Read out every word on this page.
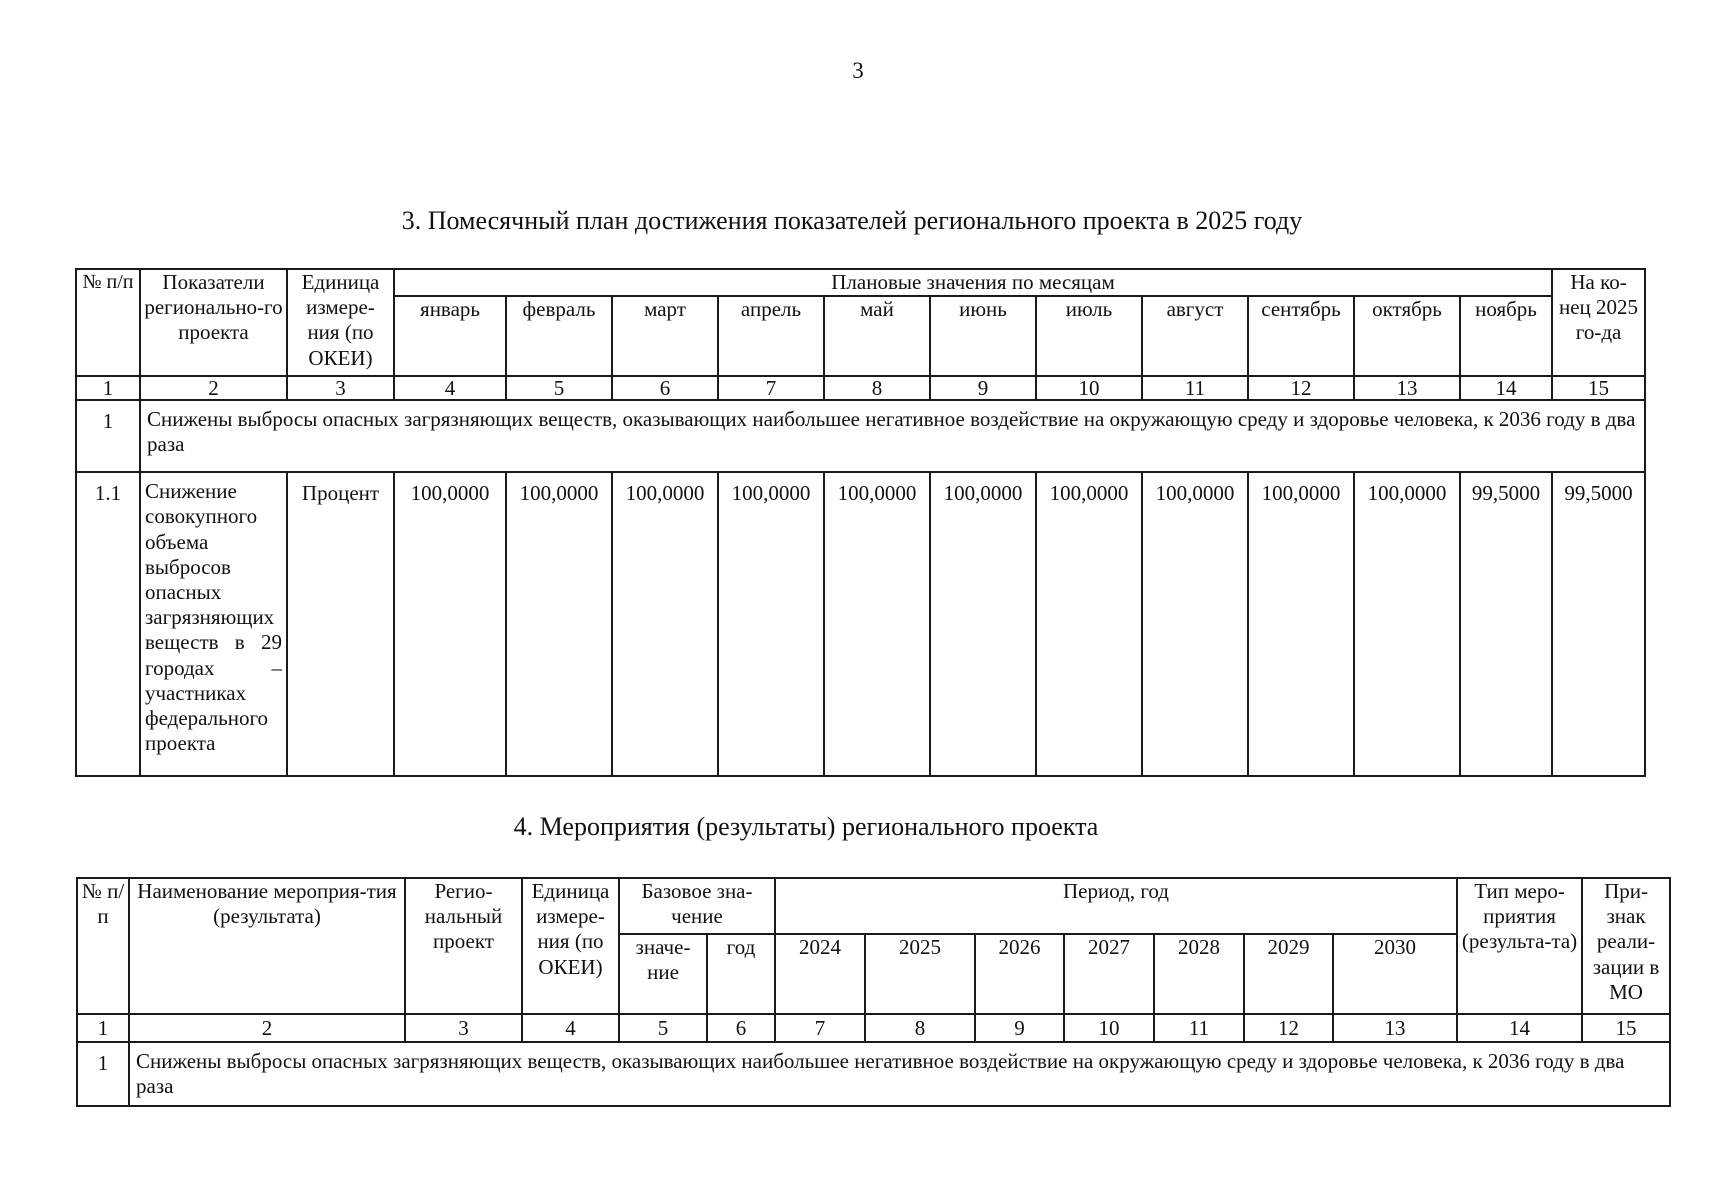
3
3. Помесячный план достижения показателей регионального проекта в 2025 году
№ п/п	Показатели регионально-го проекта	Единица измере-ния (по ОКЕИ)	Плановые значения по месяцам											На ко-нец 2025 го-да
			январь	февраль	март	апрель	май	июнь	июль	август	сентябрь	октябрь	ноябрь	
1	2	3	4	5	6	7	8	9	10	11	12	13	14	15
1	Снижены выбросы опасных загрязняющих веществ, оказывающих наибольшее негативное воздействие на окружающую среду и здоровье человека, к 2036 году в два раза													
1.1	Снижение совокупного объема выбросов опасных загрязняющих веществ в 29 городах – участниках федерального проекта	Процент	100,0000	100,0000	100,0000	100,0000	100,0000	100,0000	100,0000	100,0000	100,0000	100,0000	99,5000	99,5000
4. Мероприятия (результаты) регионального проекта
№ п/п	Наименование мероприя-тия (результата)	Регио-нальный проект	Единица измере-ния (по ОКЕИ)	Базовое зна-чение		Период, год							Тип меро-приятия (результа-та)	При-знак реали-зации в МО
				значе-ние	год	2024	2025	2026	2027	2028	2029	2030		
1	2	3	4	5	6	7	8	9	10	11	12	13	14	15
1	Снижены выбросы опасных загрязняющих веществ, оказывающих наибольшее негативное воздействие на окружающую среду и здоровье человека, к 2036 году в два раза													
